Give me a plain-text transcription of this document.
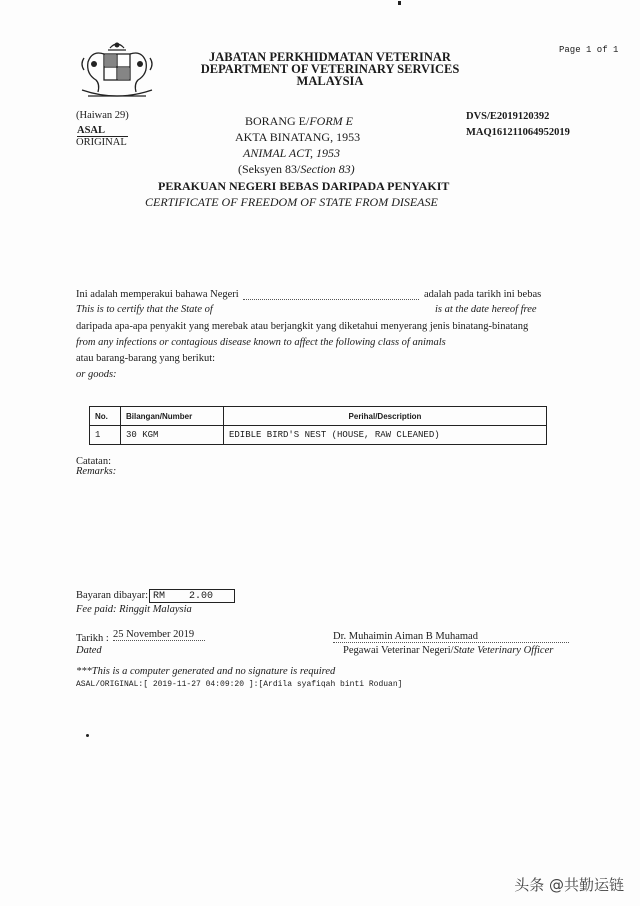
JABATAN PERKHIDMATAN VETERINAR
DEPARTMENT OF VETERINARY SERVICES
MALAYSIA
Page 1 of 1
(Haiwan 29)
ASAL
ORIGINAL
DVS/E2019120392
MAQ161211064952019
BORANG E/FORM E
AKTA BINATANG, 1953
ANIMAL ACT, 1953
(Seksyen 83/Section 83)
PERAKUAN NEGERI BEBAS DARIPADA PENYAKIT
CERTIFICATE OF FREEDOM OF STATE FROM DISEASE
Ini adalah memperakui bahawa Negeri	adalah pada tarikh ini bebas
This is to certify that the State of	is at the date hereof free
daripada apa-apa penyakit yang merebak atau berjangkit yang diketahui menyerang jenis binatang-binatang
from any infections or contagious disease known to affect the following class of animals
atau barang-barang yang berikut:
or goods:
No.	Bilangan/Number	Perihal/Description
1	30 KGM	EDIBLE BIRD'S NEST (HOUSE, RAW CLEANED)
Catatan:
Remarks:
Bayaran dibayar: RM    2.00
Fee paid: Ringgit Malaysia
Tarikh : 25 November 2019
Dated
Dr. Muhaimin Aiman B Muhamad
Pegawai Veterinar Negeri/State Veterinary Officer
***This is a computer generated and no signature is required
ASAL/ORIGINAL:[ 2019-11-27 04:09:20 ]:[Ardila syafiqah binti Roduan]
头条 @共勤运链
